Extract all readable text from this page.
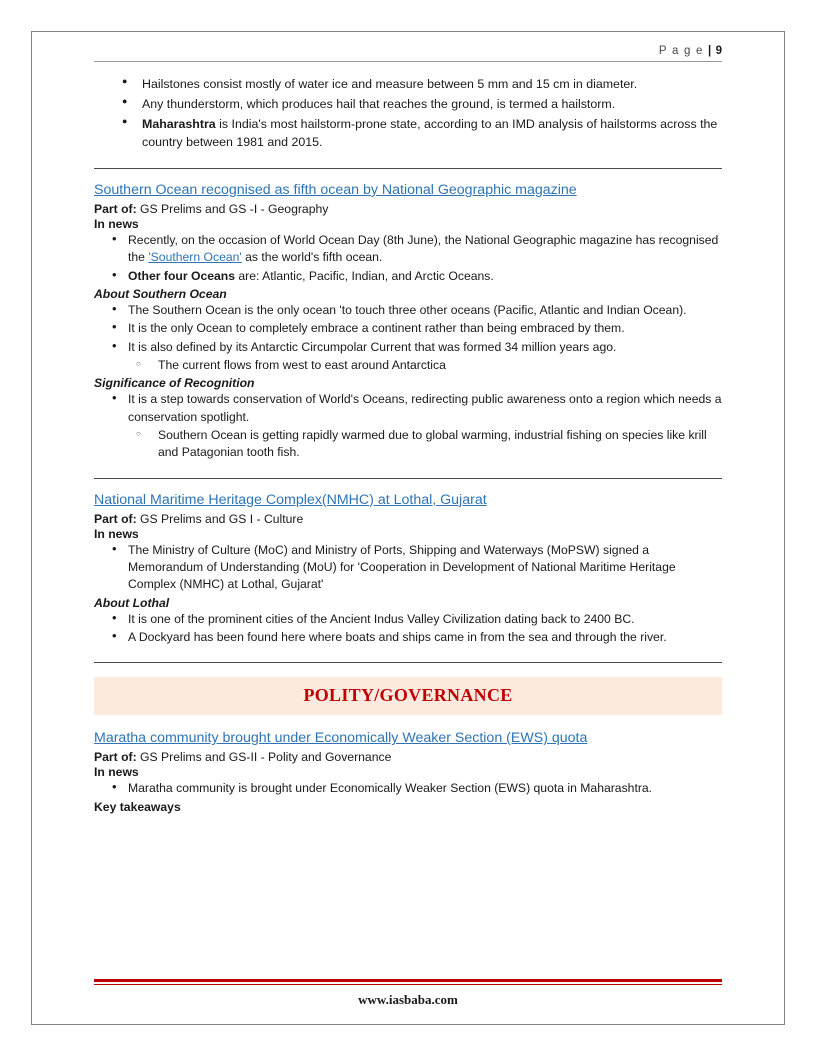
P a g e | 9
● Hailstones consist mostly of water ice and measure between 5 mm and 15 cm in diameter.
● Any thunderstorm, which produces hail that reaches the ground, is termed a hailstorm.
● Maharashtra is India's most hailstorm-prone state, according to an IMD analysis of hailstorms across the country between 1981 and 2015.
Southern Ocean recognised as fifth ocean by National Geographic magazine
Part of: GS Prelims and GS -I - Geography
In news
• Recently, on the occasion of World Ocean Day (8th June), the National Geographic magazine has recognised the 'Southern Ocean' as the world's fifth ocean.
• Other four Oceans are: Atlantic, Pacific, Indian, and Arctic Oceans.
About Southern Ocean
• The Southern Ocean is the only ocean 'to touch three other oceans (Pacific, Atlantic and Indian Ocean).
• It is the only Ocean to completely embrace a continent rather than being embraced by them.
• It is also defined by its Antarctic Circumpolar Current that was formed 34 million years ago.
○ The current flows from west to east around Antarctica
Significance of Recognition
• It is a step towards conservation of World's Oceans, redirecting public awareness onto a region which needs a conservation spotlight.
○ Southern Ocean is getting rapidly warmed due to global warming, industrial fishing on species like krill and Patagonian tooth fish.
National Maritime Heritage Complex(NMHC) at Lothal, Gujarat
Part of: GS Prelims and GS I - Culture
In news
• The Ministry of Culture (MoC) and Ministry of Ports, Shipping and Waterways (MoPSW) signed a Memorandum of Understanding (MoU) for 'Cooperation in Development of National Maritime Heritage Complex (NMHC) at Lothal, Gujarat'
About Lothal
• It is one of the prominent cities of the Ancient Indus Valley Civilization dating back to 2400 BC.
• A Dockyard has been found here where boats and ships came in from the sea and through the river.
POLITY/GOVERNANCE
Maratha community brought under Economically Weaker Section (EWS) quota
Part of: GS Prelims and GS-II - Polity and Governance
In news
• Maratha community is brought under Economically Weaker Section (EWS) quota in Maharashtra.
Key takeaways
www.iasbaba.com
